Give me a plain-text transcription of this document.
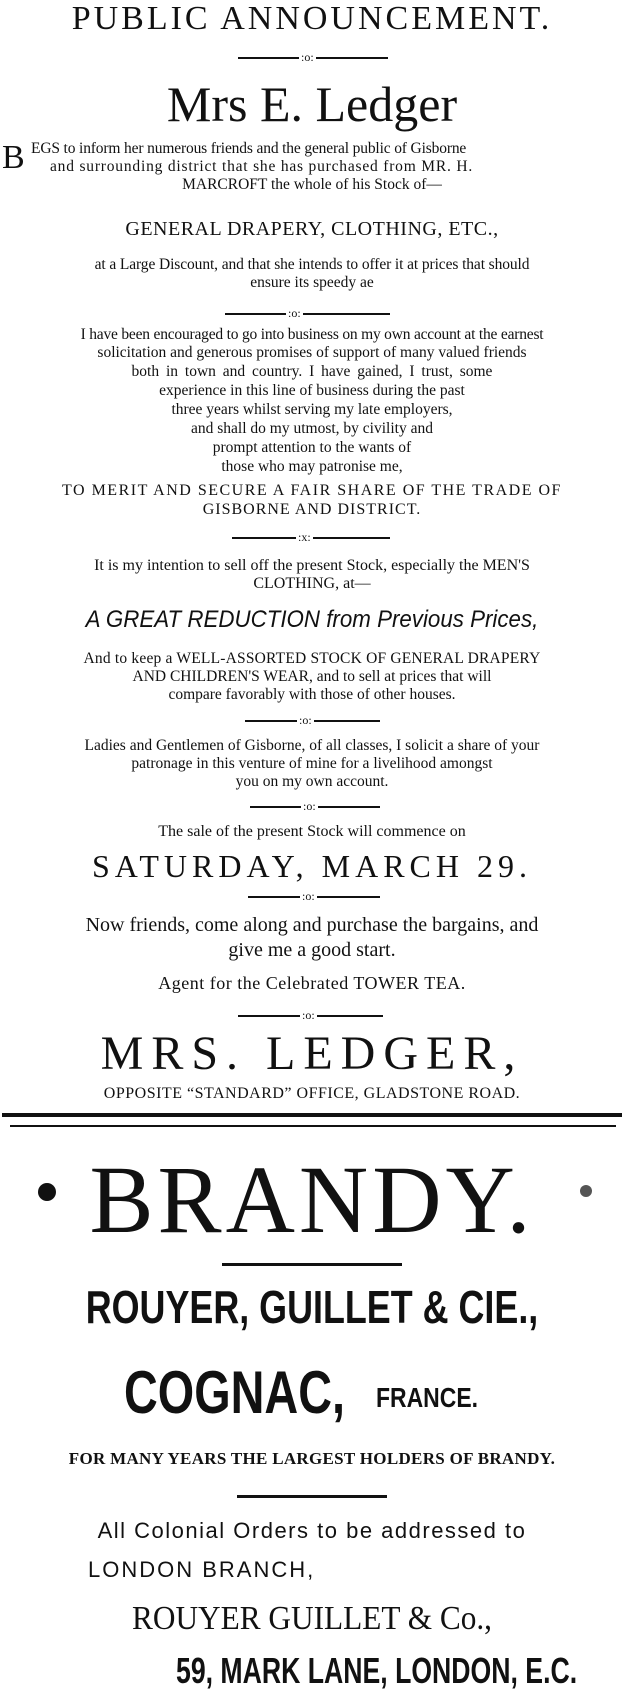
PUBLIC ANNOUNCEMENT.
:o:
Mrs E. Ledger
B EGS to inform her numerous friends and the general public of Gisborne
and surrounding district that she has purchased from MR. H.
MARCROFT the whole of his Stock of—
GENERAL DRAPERY, CLOTHING, ETC.,
at a Large Discount, and that she intends to offer it at prices that should
ensure its speedy ae
:o:
I have been encouraged to go into business on my own account at the earnest
solicitation and generous promises of support of many valued friends
both in town and country. I have gained, I trust, some
experience in this line of business during the past
three years whilst serving my late employers,
and shall do my utmost, by civility and
prompt attention to the wants of
those who may patronise me,
TO MERIT AND SECURE A FAIR SHARE OF THE TRADE OF
GISBORNE AND DISTRICT.
:x:
It is my intention to sell off the present Stock, especially the MEN'S
CLOTHING, at—
A GREAT REDUCTION from Previous Prices,
And to keep a WELL-ASSORTED STOCK OF GENERAL DRAPERY
AND CHILDREN'S WEAR, and to sell at prices that will
compare favorably with those of other houses.
:o:
Ladies and Gentlemen of Gisborne, of all classes, I solicit a share of your
patronage in this venture of mine for a livelihood amongst
you on my own account.
:o:
The sale of the present Stock will commence on
SATURDAY, MARCH 29.
:o:
Now friends, come along and purchase the bargains, and
give me a good start.
Agent for the Celebrated TOWER TEA.
:o:
MRS. LEDGER,
OPPOSITE “STANDARD” OFFICE, GLADSTONE ROAD.
BRANDY.
ROUYER, GUILLET & CIE.,
COGNAC, FRANCE.
FOR MANY YEARS THE LARGEST HOLDERS OF BRANDY.
All Colonial Orders to be addressed to
LONDON BRANCH,
ROUYER GUILLET & Co.,
59, MARK LANE, LONDON, E.C.
